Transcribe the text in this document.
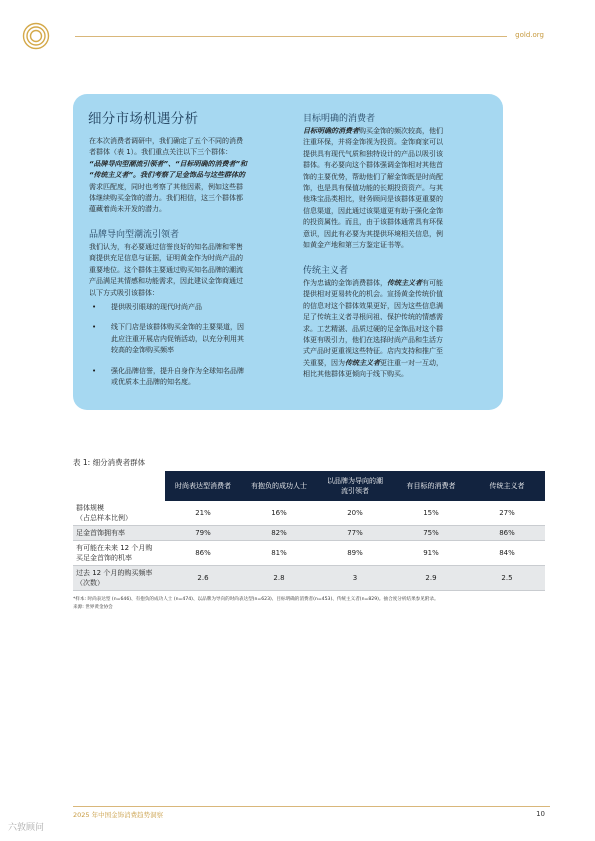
gold.org
细分市场机遇分析
在本次消费者调研中，我们确定了五个不同的消费
者群体（表 1）。我们重点关注以下三个群体：
“品牌导向型潮流引领者”、“目标明确的消费者”和
“传统主义者”。我们考察了足金饰品与这些群体的
需求匹配度，同时也考察了其他因素，例如这些群
体继续购买金饰的潜力。我们相信，这三个群体都
蕴藏着尚未开发的潜力。
品牌导向型潮流引领者
我们认为，有必要通过信誉良好的知名品牌和零售
商提供充足信息与证据，证明黄金作为时尚产品的
重要地位。这个群体主要通过购买知名品牌的潮流
产品满足其情感和功能需求，因此建议金饰商通过
以下方式吸引该群体：
• 提供吸引眼球的现代时尚产品
• 线下门店是该群体购买金饰的主要渠道，因
此应注重开展店内促销活动，以充分利用其
较高的金饰购买频率
• 强化品牌信誉，提升自身作为全球知名品牌
或优质本土品牌的知名度。
目标明确的消费者
目标明确的消费者购买金饰的频次较高，他们
注重环保，并将金饰视为投资。金饰商家可以
提供具有现代气质和独特设计的产品以吸引该
群体。有必要向这个群体强调金饰相对其他首
饰的主要优势，帮助他们了解金饰既是时尚配
饰，也是具有保值功能的长期投资资产。与其
他珠宝品类相比，财务顾问是该群体更重要的
信息渠道，因此通过该渠道更有助于强化金饰
的投资属性。而且，由于该群体通常具有环保
意识，因此有必要为其提供环境相关信息，例
如黄金产地和第三方鉴定证书等。
传统主义者
作为忠诚的金饰消费群体，传统主义者有可能
提供相对更易转化的机会。宣扬黄金传统价值
的信息对这个群体效果更好，因为这些信息满
足了传统主义者寻根问祖、保护传统的情感需
求。工艺精湛、品质过硬的足金饰品对这个群
体更有吸引力，他们在选择时尚产品和生活方
式产品时更重视这些特征。店内支持和推广至
关重要，因为传统主义者更注重一对一互动，
相比其他群体更倾向于线下购买。
表 1: 细分消费者群体
	时尚表达型消费者	有抱负的成功人士	以品牌为导向的潮
流引领者	有目标的消费者	传统主义者

群体规模
（占总样本比例）	21%	16%	20%	15%	27%
足金首饰拥有率	79%	82%	77%	75%	86%

有可能在未来 12 个月购
买足金首饰的机率	86%	81%	89%	91%	84%

过去 12 个月的购买频率
（次数）	2.6	2.8	3	2.9	2.5
*样本: 时尚表达型 (n=646)、有抱负的成功人士 (n=474)、以品牌为导向的时尚表达型(n=623)、目标明确的消费者(n=453)、传统主义者(n=829)。抽合度分析结果参见附录。
来源: 世界黄金协会
2025 年中国金饰消费趋势洞察	10
六敦顾问
